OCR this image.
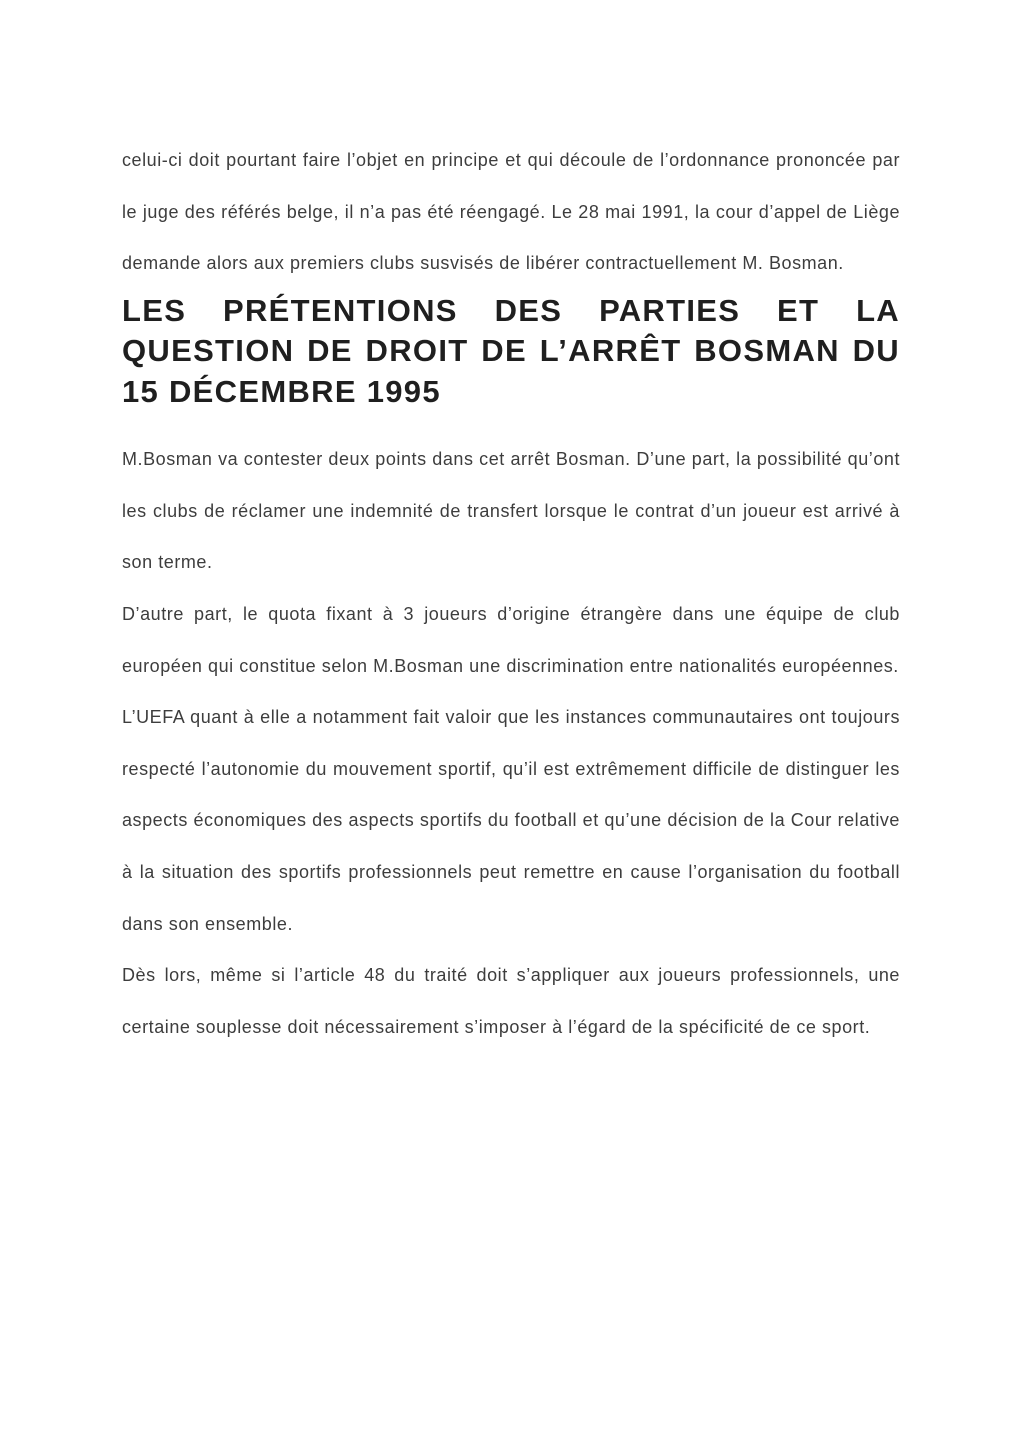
celui-ci doit pourtant faire l’objet en principe et qui découle de l’ordonnance prononcée par le juge des référés belge, il n’a pas été réengagé. Le 28 mai 1991, la cour d’appel de Liège demande alors aux premiers clubs susvisés de libérer contractuellement M. Bosman.

LES PRÉTENTIONS DES PARTIES ET LA QUESTION DE DROIT DE L’ARRÊT BOSMAN DU 15 DÉCEMBRE 1995

M.Bosman va contester deux points dans cet arrêt Bosman. D’une part, la possibilité qu’ont les clubs de réclamer une indemnité de transfert lorsque le contrat d’un joueur est arrivé à son terme.

D’autre part, le quota fixant à 3 joueurs d’origine étrangère dans une équipe de club européen qui constitue selon M.Bosman une discrimination entre nationalités européennes.

L’UEFA quant à elle a notamment fait valoir que les instances communautaires ont toujours respecté l’autonomie du mouvement sportif, qu’il est extrêmement difficile de distinguer les aspects économiques des aspects sportifs du football et qu’une décision de la Cour relative à la situation des sportifs professionnels peut remettre en cause l’organisation du football dans son ensemble.

Dès lors, même si l’article 48 du traité doit s’appliquer aux joueurs professionnels, une certaine souplesse doit nécessairement s’imposer à l’égard de la spécificité de ce sport.
